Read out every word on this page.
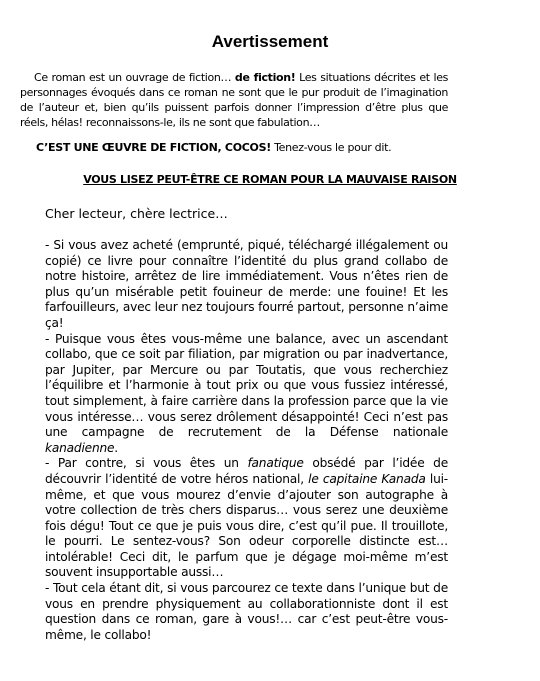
Avertissement
Ce roman est un ouvrage de fiction… de fiction! Les situations décrites et les personnages évoqués dans ce roman ne sont que le pur produit de l’imagination de l’auteur et, bien qu’ils puissent parfois donner l’impression d’être plus que réels, hélas! reconnaissons-le, ils ne sont que fabulation…
C’EST UNE ŒUVRE DE FICTION, COCOS! Tenez-vous le pour dit.
VOUS LISEZ PEUT-ÊTRE CE ROMAN POUR LA MAUVAISE RAISON
Cher lecteur, chère lectrice…

- Si vous avez acheté (emprunté, piqué, téléchargé illégalement ou copié) ce livre pour connaître l’identité du plus grand collabo de notre histoire, arrêtez de lire immédiatement. Vous n’êtes rien de plus qu’un misérable petit fouineur de merde: une fouine! Et les farfouilleurs, avec leur nez toujours fourré partout, personne n’aime ça!

- Puisque vous êtes vous-même une balance, avec un ascendant collabo, que ce soit par filiation, par migration ou par inadvertance, par Jupiter, par Mercure ou par Toutatis, que vous recherchiez l’équilibre et l’harmonie à tout prix ou que vous fussiez intéressé, tout simplement, à faire carrière dans la profession parce que la vie vous intéresse… vous serez drôlement désappointé! Ceci n’est pas une campagne de recrutement de la Défense nationale kanadienne.

- Par contre, si vous êtes un fanatique obsédé par l’idée de découvrir l’identité de votre héros national, le capitaine Kanada lui-même, et que vous mourez d’envie d’ajouter son autographe à votre collection de très chers disparus… vous serez une deuxième fois dégu! Tout ce que je puis vous dire, c’est qu’il pue. Il trouillote, le pourri. Le sentez-vous? Son odeur corporelle distincte est… intolérable! Ceci dit, le parfum que je dégage moi-même m’est souvent insupportable aussi…

- Tout cela étant dit, si vous parcourez ce texte dans l’unique but de vous en prendre physiquement au collaborationniste dont il est question dans ce roman, gare à vous!… car c’est peut-être vous-même, le collabo!
